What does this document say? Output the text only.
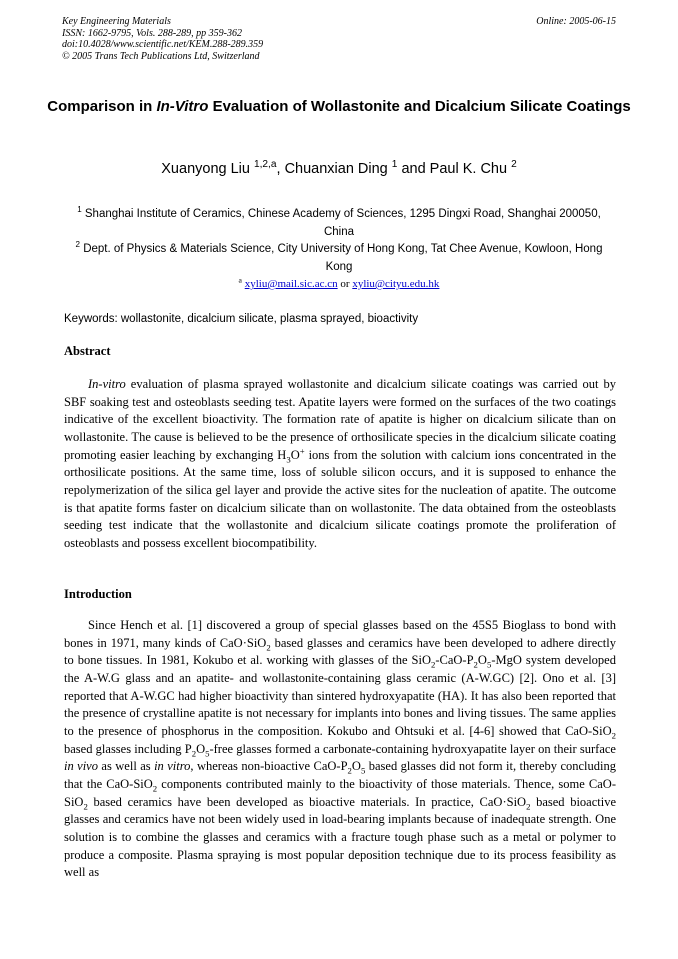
Key Engineering Materials
ISSN: 1662-9795, Vols. 288-289, pp 359-362
doi:10.4028/www.scientific.net/KEM.288-289.359
© 2005 Trans Tech Publications Ltd, Switzerland
Online: 2005-06-15
Comparison in In-Vitro Evaluation of Wollastonite and Dicalcium Silicate Coatings
Xuanyong Liu $^{1,2,a}$, Chuanxian Ding $^1$ and Paul K. Chu $^2$
$^1$ Shanghai Institute of Ceramics, Chinese Academy of Sciences, 1295 Dingxi Road, Shanghai 200050, China
$^2$ Dept. of Physics & Materials Science, City University of Hong Kong, Tat Chee Avenue, Kowloon, Hong Kong
$^a$ xyliu@mail.sic.ac.cn or xyliu@cityu.edu.hk
Keywords: wollastonite, dicalcium silicate, plasma sprayed, bioactivity
Abstract
In-vitro evaluation of plasma sprayed wollastonite and dicalcium silicate coatings was carried out by SBF soaking test and osteoblasts seeding test. Apatite layers were formed on the surfaces of the two coatings indicative of the excellent bioactivity. The formation rate of apatite is higher on dicalcium silicate than on wollastonite. The cause is believed to be the presence of orthosilicate species in the dicalcium silicate coating promoting easier leaching by exchanging $H_3O^+$ ions from the solution with calcium ions concentrated in the orthosilicate positions. At the same time, loss of soluble silicon occurs, and it is supposed to enhance the repolymerization of the silica gel layer and provide the active sites for the nucleation of apatite. The outcome is that apatite forms faster on dicalcium silicate than on wollastonite. The data obtained from the osteoblasts seeding test indicate that the wollastonite and dicalcium silicate coatings promote the proliferation of osteoblasts and possess excellent biocompatibility.
Introduction
Since Hench et al. [1] discovered a group of special glasses based on the 45S5 Bioglass to bond with bones in 1971, many kinds of CaO·SiO$_2$ based glasses and ceramics have been developed to adhere directly to bone tissues. In 1981, Kokubo et al. working with glasses of the $SiO_2-CaO-P_2O_5$-MgO system developed the A-W.G glass and an apatite- and wollastonite-containing glass ceramic (A-W.GC) [2]. Ono et al. [3] reported that A-W.GC had higher bioactivity than sintered hydroxyapatite (HA). It has also been reported that the presence of crystalline apatite is not necessary for implants into bones and living tissues. The same applies to the presence of phosphorus in the composition. Kokubo and Ohtsuki et al. [4-6] showed that CaO-SiO$_2$ based glasses including $P_2O_5$-free glasses formed a carbonate-containing hydroxyapatite layer on their surface in vivo as well as in vitro, whereas non-bioactive CaO-$P_2O_5$ based glasses did not form it, thereby concluding that the CaO-SiO$_2$ components contributed mainly to the bioactivity of those materials. Thence, some CaO-SiO$_2$ based ceramics have been developed as bioactive materials. In practice, CaO·SiO$_2$ based bioactive glasses and ceramics have not been widely used in load-bearing implants because of inadequate strength. One solution is to combine the glasses and ceramics with a fracture tough phase such as a metal or polymer to produce a composite. Plasma spraying is most popular deposition technique due to its process feasibility as well as
